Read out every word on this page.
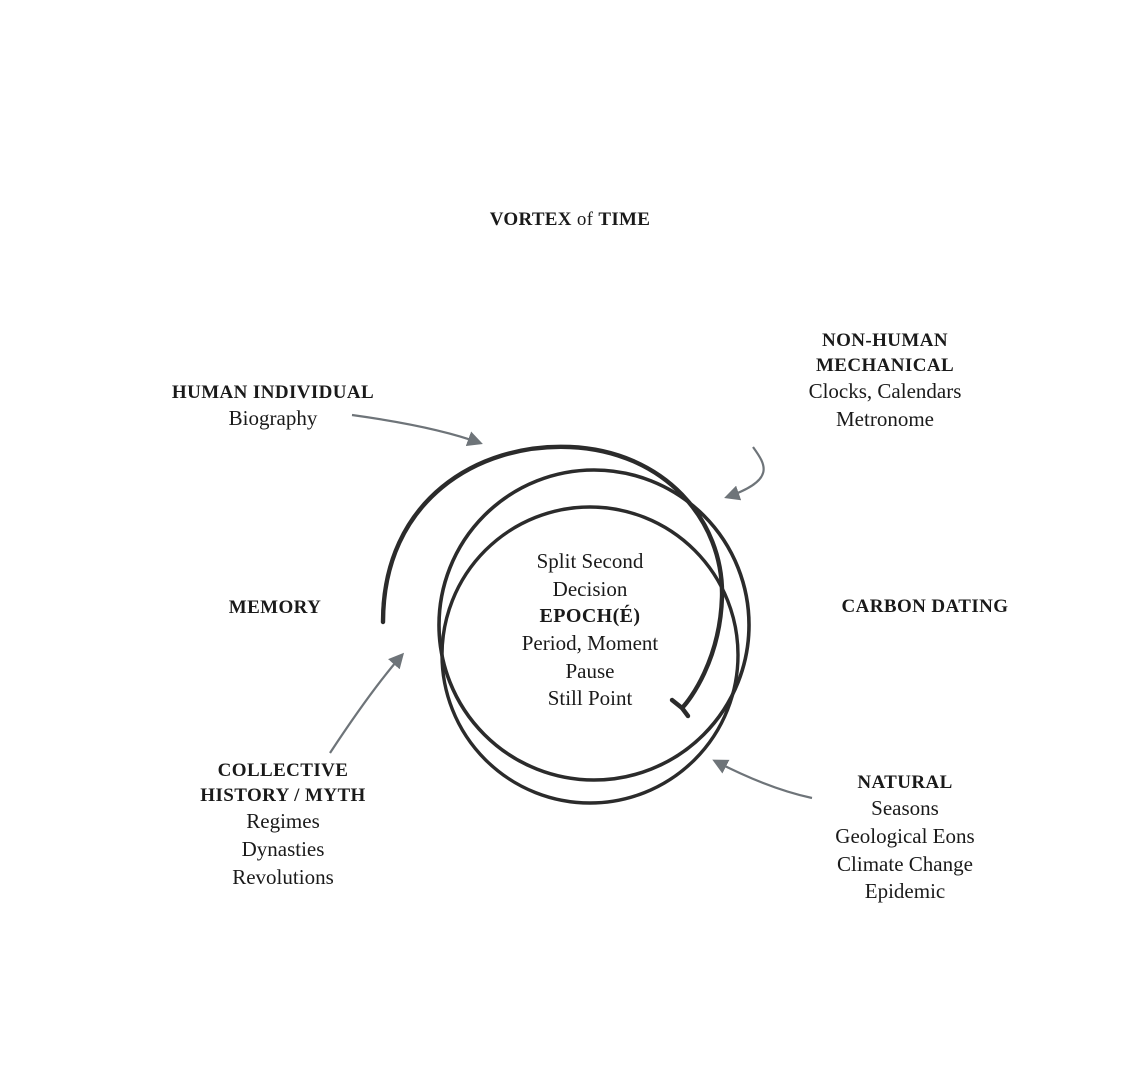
VORTEX of TIME
Split Second
Decision
EPOCH(É)
Period, Moment
Pause
Still Point
HUMAN INDIVIDUAL
Biography
NON-HUMAN
MECHANICAL
Clocks, Calendars
Metronome
MEMORY	CARBON DATING
COLLECTIVE
HISTORY / MYTH
Regimes
Dynasties
Revolutions
NATURAL
Seasons
Geological Eons
Climate Change
Epidemic
